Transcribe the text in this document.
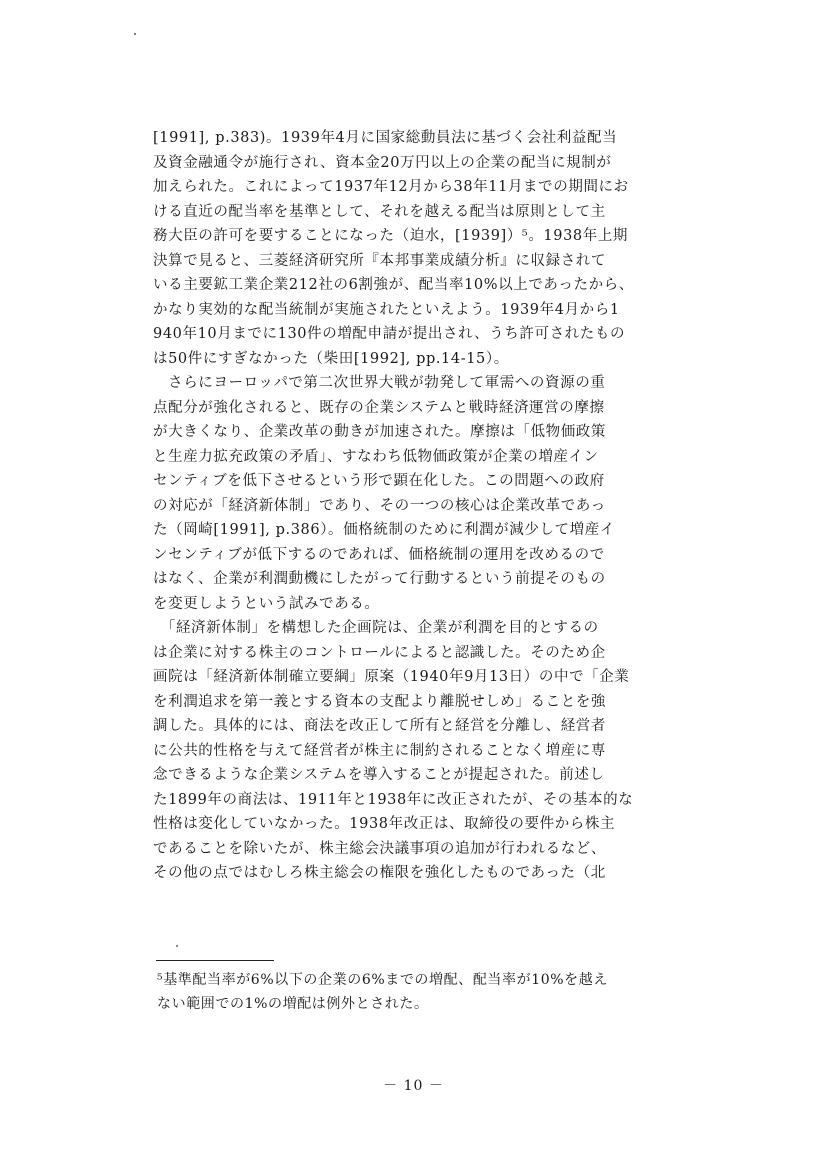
[1991], p.383)。1939年4月に国家総動員法に基づく会社利益配当
及資金融通令が施行され、資本金20万円以上の企業の配当に規制が
加えられた。これによって1937年12月から38年11月までの期間にお
ける直近の配当率を基準として、それを越える配当は原則として主
務大臣の許可を要することになった（迫水，[1939]）⁵。1938年上期
決算で見ると、三菱経済研究所『本邦事業成績分析』に収録されて
いる主要鉱工業企業212社の6割強が、配当率10%以上であったから、
かなり実効的な配当統制が実施されたといえよう。1939年4月から1
940年10月までに130件の増配申請が提出され、うち許可されたもの
は50件にすぎなかった（柴田[1992], pp.14-15）。
　さらにヨーロッパで第二次世界大戦が勃発して軍需への資源の重
点配分が強化されると、既存の企業システムと戦時経済運営の摩擦
が大きくなり、企業改革の動きが加速された。摩擦は「低物価政策
と生産力拡充政策の矛盾」、すなわち低物価政策が企業の増産イン
センティブを低下させるという形で顕在化した。この問題への政府
の対応が「経済新体制」であり、その一つの核心は企業改革であっ
た（岡崎[1991], p.386）。価格統制のために利潤が減少して増産イ
ンセンティブが低下するのであれば、価格統制の運用を改めるので
はなく、企業が利潤動機にしたがって行動するという前提そのもの
を変更しようという試みである。
　「経済新体制」を構想した企画院は、企業が利潤を目的とするの
は企業に対する株主のコントロールによると認識した。そのため企
画院は「経済新体制確立要綱」原案（1940年9月13日）の中で「企業
を利潤追求を第一義とする資本の支配より離脱せしめ」ることを強
調した。具体的には、商法を改正して所有と経営を分離し、経営者
に公共的性格を与えて経営者が株主に制約されることなく増産に専
念できるような企業システムを導入することが提起された。前述し
た1899年の商法は、1911年と1938年に改正されたが、その基本的な
性格は変化していなかった。1938年改正は、取締役の要件から株主
であることを除いたが、株主総会決議事項の追加が行われるなど、
その他の点ではむしろ株主総会の権限を強化したものであった（北
⁵基準配当率が6%以下の企業の6%までの増配、配当率が10%を越え
ない範囲での1%の増配は例外とされた。
－ 10 －
